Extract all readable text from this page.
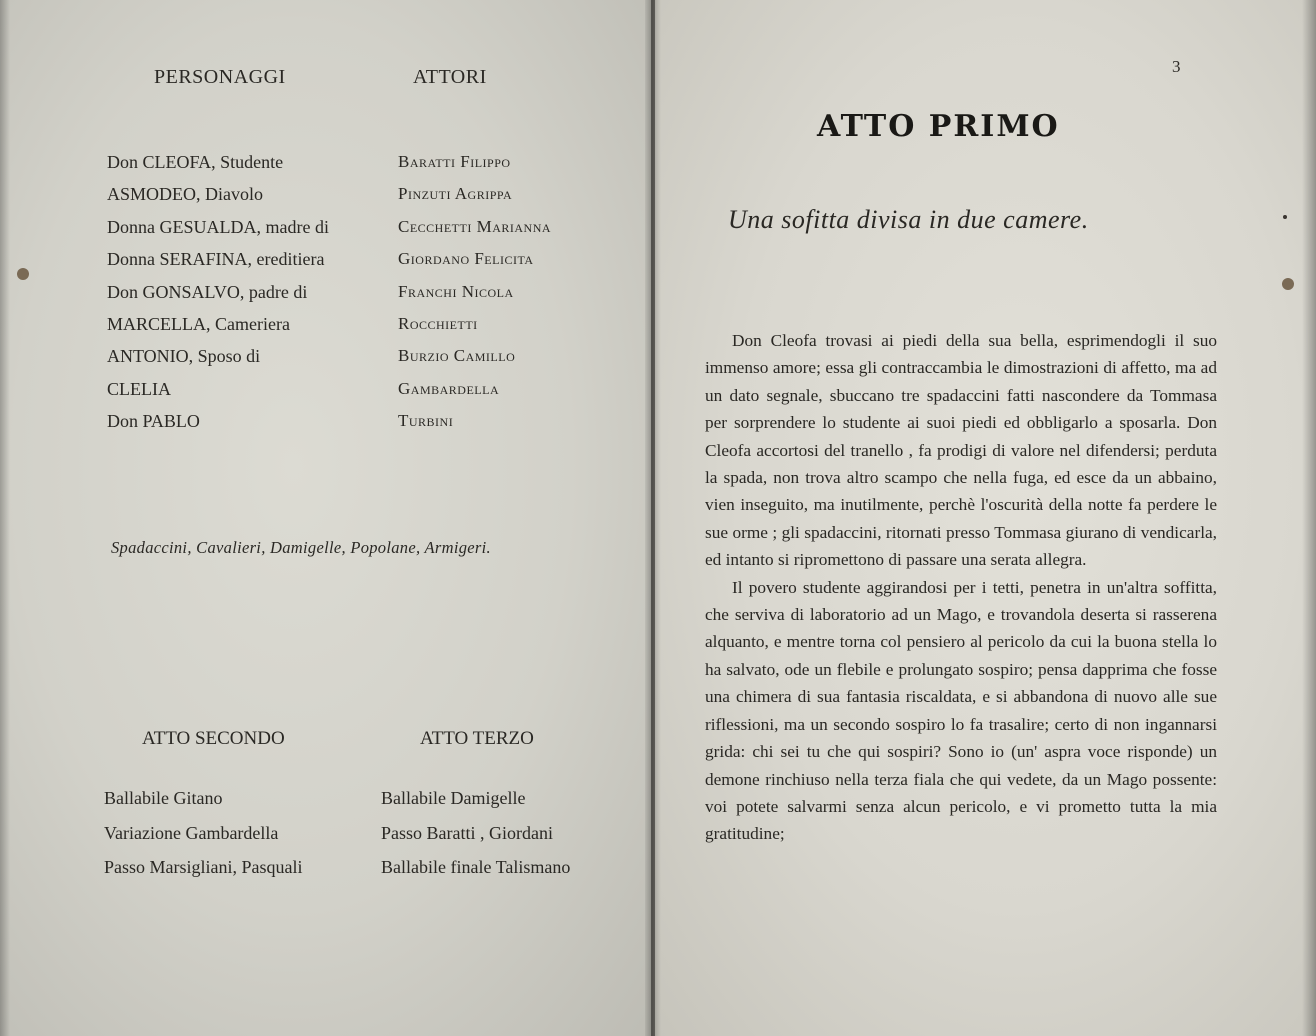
PERSONAGGI	ATTORI
Don CLEOFA, Studente
ASMODEO, Diavolo
Donna GESUALDA, madre di
Donna SERAFINA, ereditiera
Don GONSALVO, padre di
MARCELLA, Cameriera
ANTONIO, Sposo di
CLELIA
Don PABLO
Baratti Filippo
Pinzuti Agrippa
Cecchetti Marianna
Giordano Felicita
Franchi Nicola
Rocchietti
Burzio Camillo
Gambardella
Turbini
Spadaccini, Cavalieri, Damigelle, Popolane, Armigeri.
ATTO SECONDO	ATTO TERZO
Ballabile Gitano
Variazione Gambardella
Passo Marsigliani, Pasquali
Ballabile Damigelle
Passo Baratti , Giordani
Ballabile finale Talismano
3
ATTO PRIMO
Una sofitta divisa in due camere.

Don Cleofa trovasi ai piedi della sua bella, esprimendogli il suo immenso amore; essa gli contraccambia le dimostrazioni di affetto, ma ad un dato segnale, sbuccano tre spadaccini fatti nascondere da Tommasa per sorprendere lo studente ai suoi piedi ed obbligarlo a sposarla. Don Cleofa accortosi del tranello , fa prodigi di valore nel difendersi; perduta la spada, non trova altro scampo che nella fuga, ed esce da un abbaino, vien inseguito, ma inutilmente, perchè l'oscurità della notte fa perdere le sue orme ; gli spadaccini, ritornati presso Tommasa giurano di vendicarla, ed intanto si ripromettono di passare una serata allegra.

Il povero studente aggirandosi per i tetti, penetra in un'altra soffitta, che serviva di laboratorio ad un Mago, e trovandola deserta si rasserena alquanto, e mentre torna col pensiero al pericolo da cui la buona stella lo ha salvato, ode un flebile e prolungato sospiro; pensa dapprima che fosse una chimera di sua fantasia riscaldata, e si abbandona di nuovo alle sue riflessioni, ma un secondo sospiro lo fa trasalire; certo di non ingannarsi grida: chi sei tu che qui sospiri? Sono io (un' aspra voce risponde) un demone rinchiuso nella terza fiala che qui vedete, da un Mago possente: voi potete salvarmi senza alcun pericolo, e vi prometto tutta la mia gratitudine;
